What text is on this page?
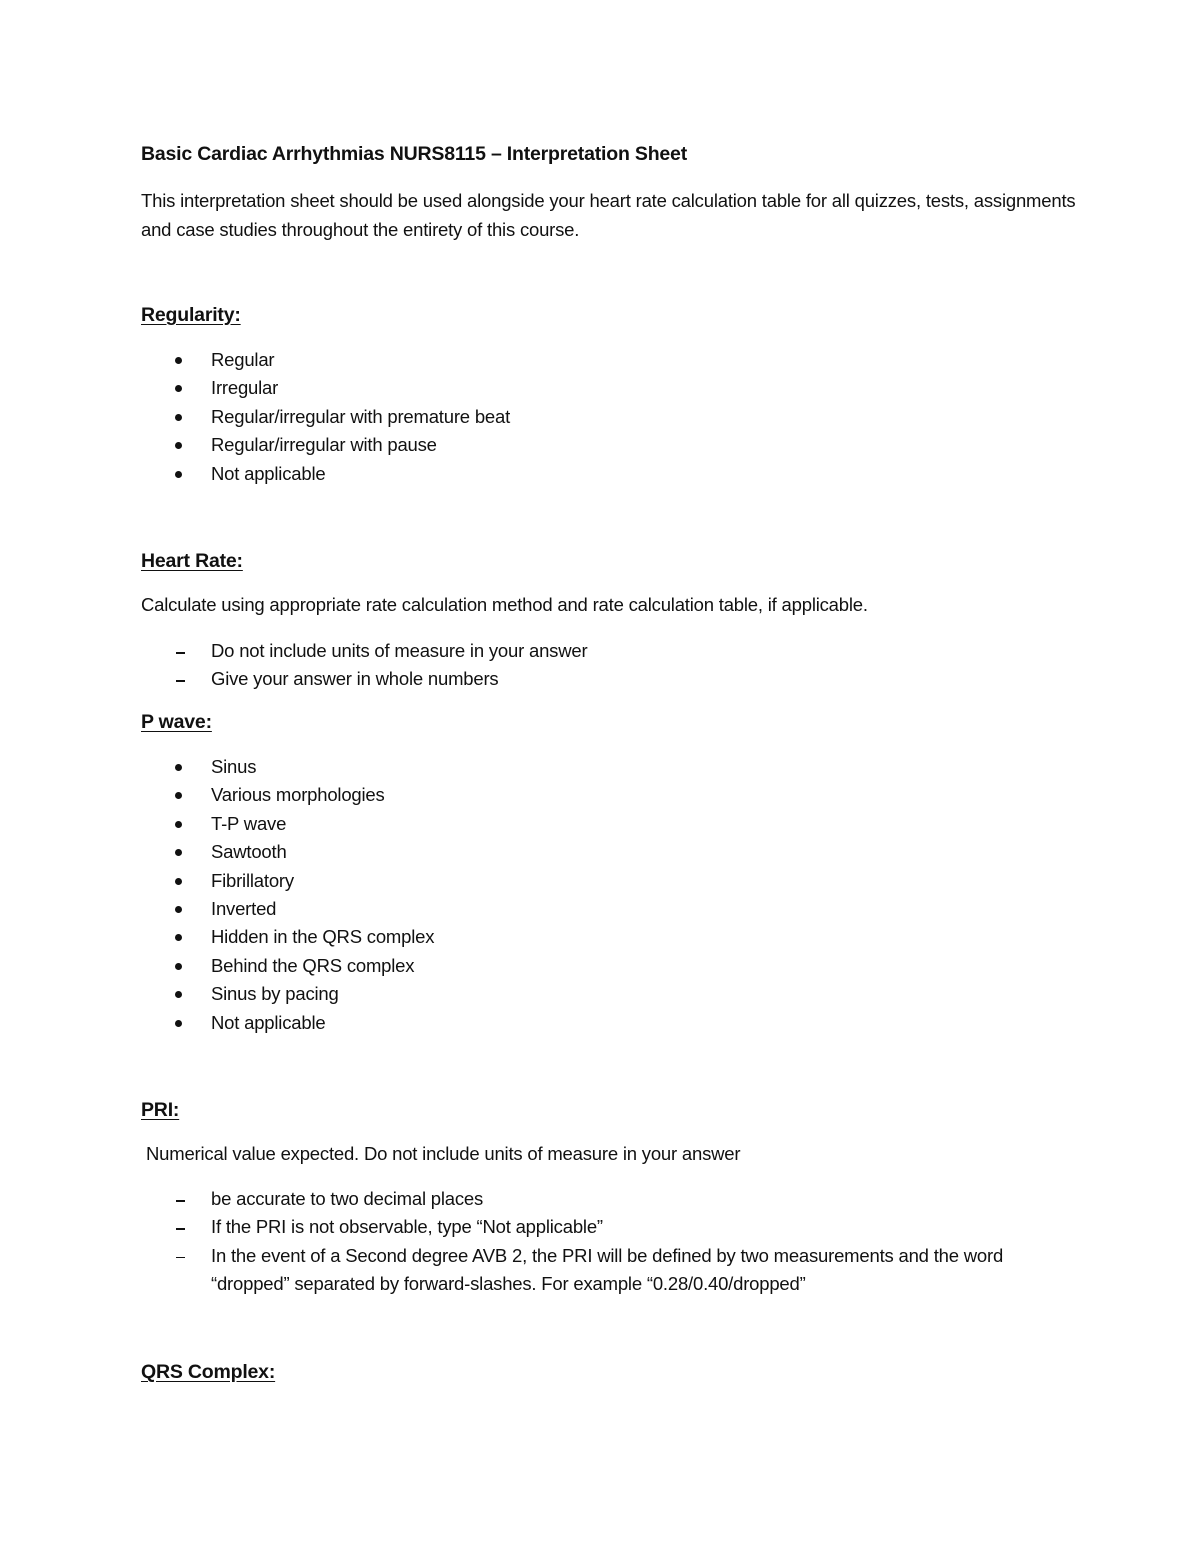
Basic Cardiac Arrhythmias NURS8115 – Interpretation Sheet
This interpretation sheet should be used alongside your heart rate calculation table for all quizzes, tests, assignments and case studies throughout the entirety of this course.
Regularity:
Regular
Irregular
Regular/irregular with premature beat
Regular/irregular with pause
Not applicable
Heart Rate:
Calculate using appropriate rate calculation method and rate calculation table, if applicable.
Do not include units of measure in your answer
Give your answer in whole numbers
P wave:
Sinus
Various morphologies
T-P wave
Sawtooth
Fibrillatory
Inverted
Hidden in the QRS complex
Behind the QRS complex
Sinus by pacing
Not applicable
PRI:
Numerical value expected. Do not include units of measure in your answer
be accurate to two decimal places
If the PRI is not observable, type “Not applicable”
In the event of a Second degree AVB 2, the PRI will be defined by two measurements and the word “dropped” separated by forward-slashes. For example “0.28/0.40/dropped”
QRS Complex:
